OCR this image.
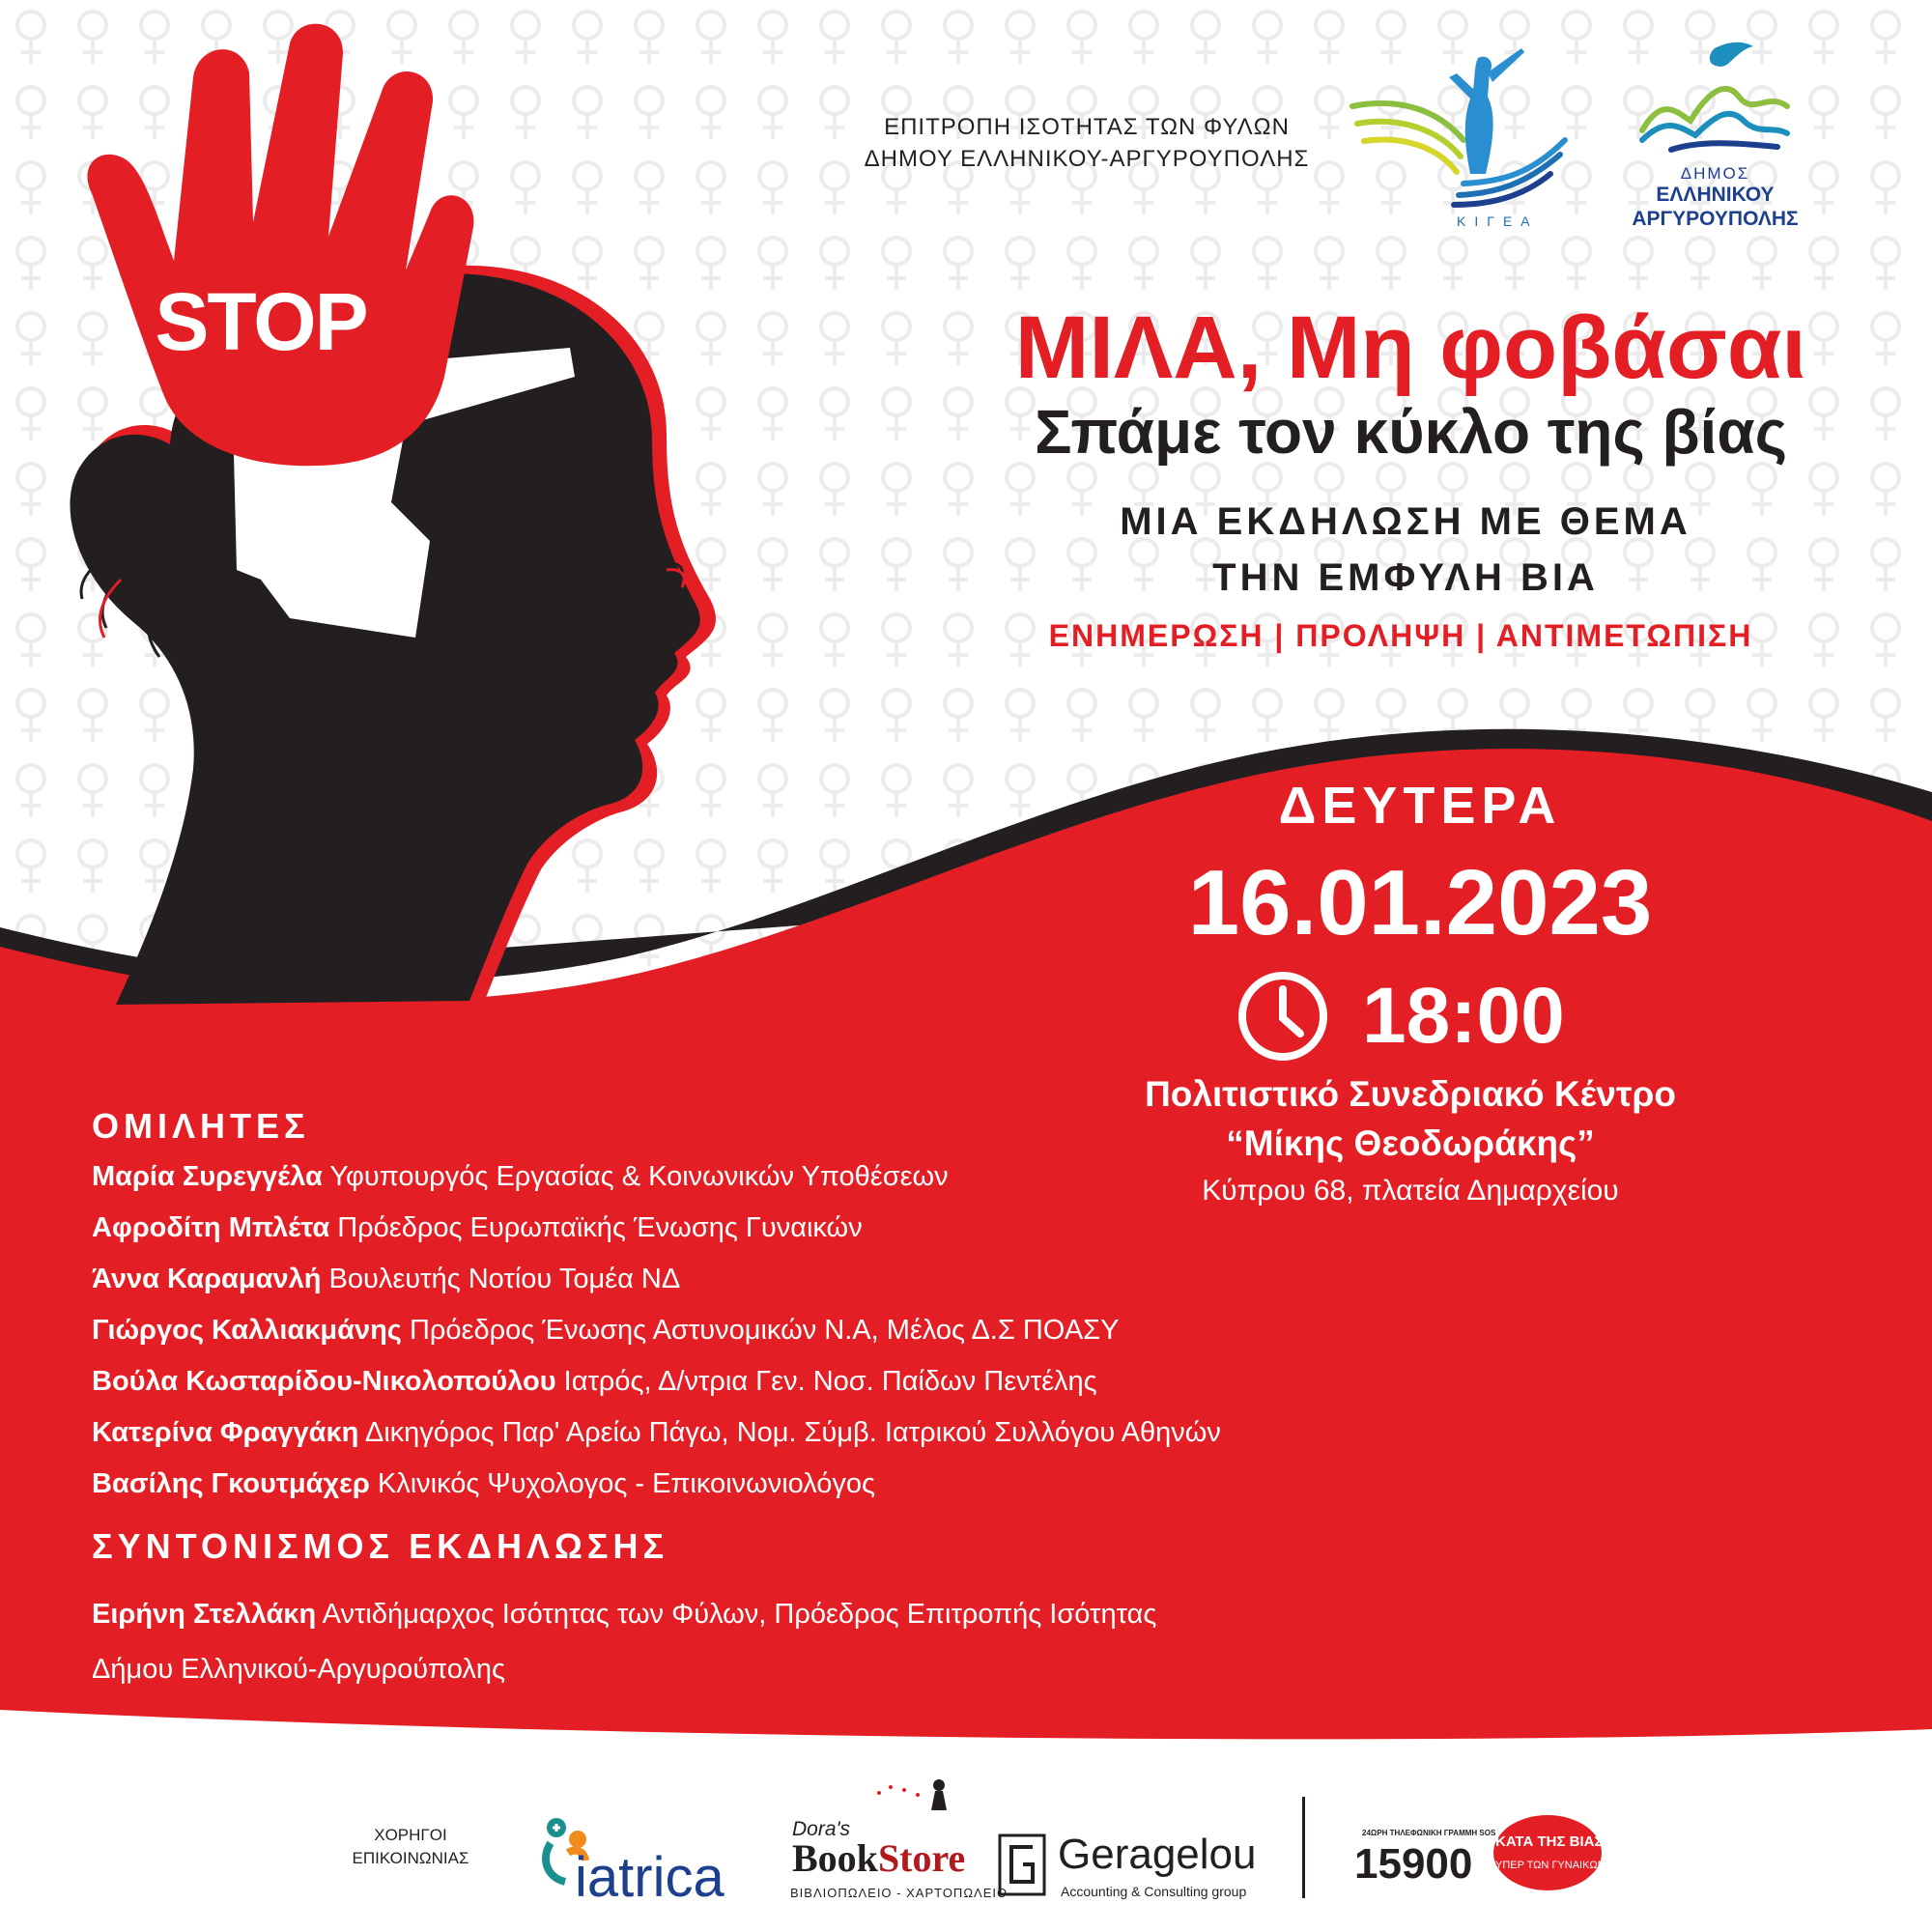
STOP
ΕΠΙΤΡΟΠΗ ΙΣΟΤΗΤΑΣ ΤΩΝ ΦΥΛΩΝ
ΔΗΜΟΥ ΕΛΛΗΝΙΚΟΥ-ΑΡΓΥΡΟΥΠΟΛΗΣ
ΚΙΓΕΑ
ΔΗΜΟΣ
ΕΛΛΗΝΙΚΟΥ
ΑΡΓΥΡΟΥΠΟΛΗΣ
ΜΙΛΑ, Μη φοβάσαι
Σπάμε τον κύκλο της βίας
ΜΙΑ ΕΚΔΗΛΩΣΗ ΜΕ ΘΕΜΑ
ΤΗΝ ΕΜΦΥΛΗ ΒΙΑ
ΕΝΗΜΕΡΩΣΗ | ΠΡΟΛΗΨΗ | ΑΝΤΙΜΕΤΩΠΙΣΗ
ΔΕΥΤΕΡΑ
16.01.2023
18:00
Πολιτιστικό Συνεδριακό Κέντρο
“Μίκης Θεοδωράκης”
Κύπρου 68, πλατεία Δημαρχείου
ΟΜΙΛΗΤΕΣ
Μαρία Συρεγγέλα Υφυπουργός Εργασίας & Κοινωνικών Υποθέσεων
Αφροδίτη Μπλέτα Πρόεδρος Ευρωπαϊκής Ένωσης Γυναικών
Άννα Καραμανλή Βουλευτής Νοτίου Τομέα ΝΔ
Γιώργος Καλλιακμάνης Πρόεδρος Ένωσης Αστυνομικών Ν.Α, Μέλος Δ.Σ ΠΟΑΣΥ
Βούλα Κωσταρίδου-Νικολοπούλου Ιατρός, Δ/ντρια Γεν. Νοσ. Παίδων Πεντέλης
Κατερίνα Φραγγάκη Δικηγόρος Παρ' Αρείω Πάγω, Νομ. Σύμβ. Ιατρικού Συλλόγου Αθηνών
Βασίλης Γκουτμάχερ Κλινικός Ψυχολογος - Επικοινωνιολόγος
ΣΥΝΤΟΝΙΣΜΟΣ ΕΚΔΗΛΩΣΗΣ
Ειρήνη Στελλάκη Αντιδήμαρχος Ισότητας των Φύλων, Πρόεδρος Επιτροπής Ισότητας
Δήμου Ελληνικού-Αργυρούπολης
ΧΟΡΗΓΟΙ
ΕΠΙΚΟΙΝΩΝΙΑΣ	iatrica
Dora's
BookStore
ΒΙΒΛΙΟΠΩΛΕΙΟ - ΧΑΡΤΟΠΩΛΕΙΟ
Geragelou
Accounting & Consulting group
24ΩΡΗ ΤΗΛΕΦΩΝΙΚΗ ΓΡΑΜΜΗ SOS
15900 ΚΑΤΑ ΤΗΣ ΒΙΑΣ
ΥΠΕΡ ΤΩΝ ΓΥΝΑΙΚΩΝ
